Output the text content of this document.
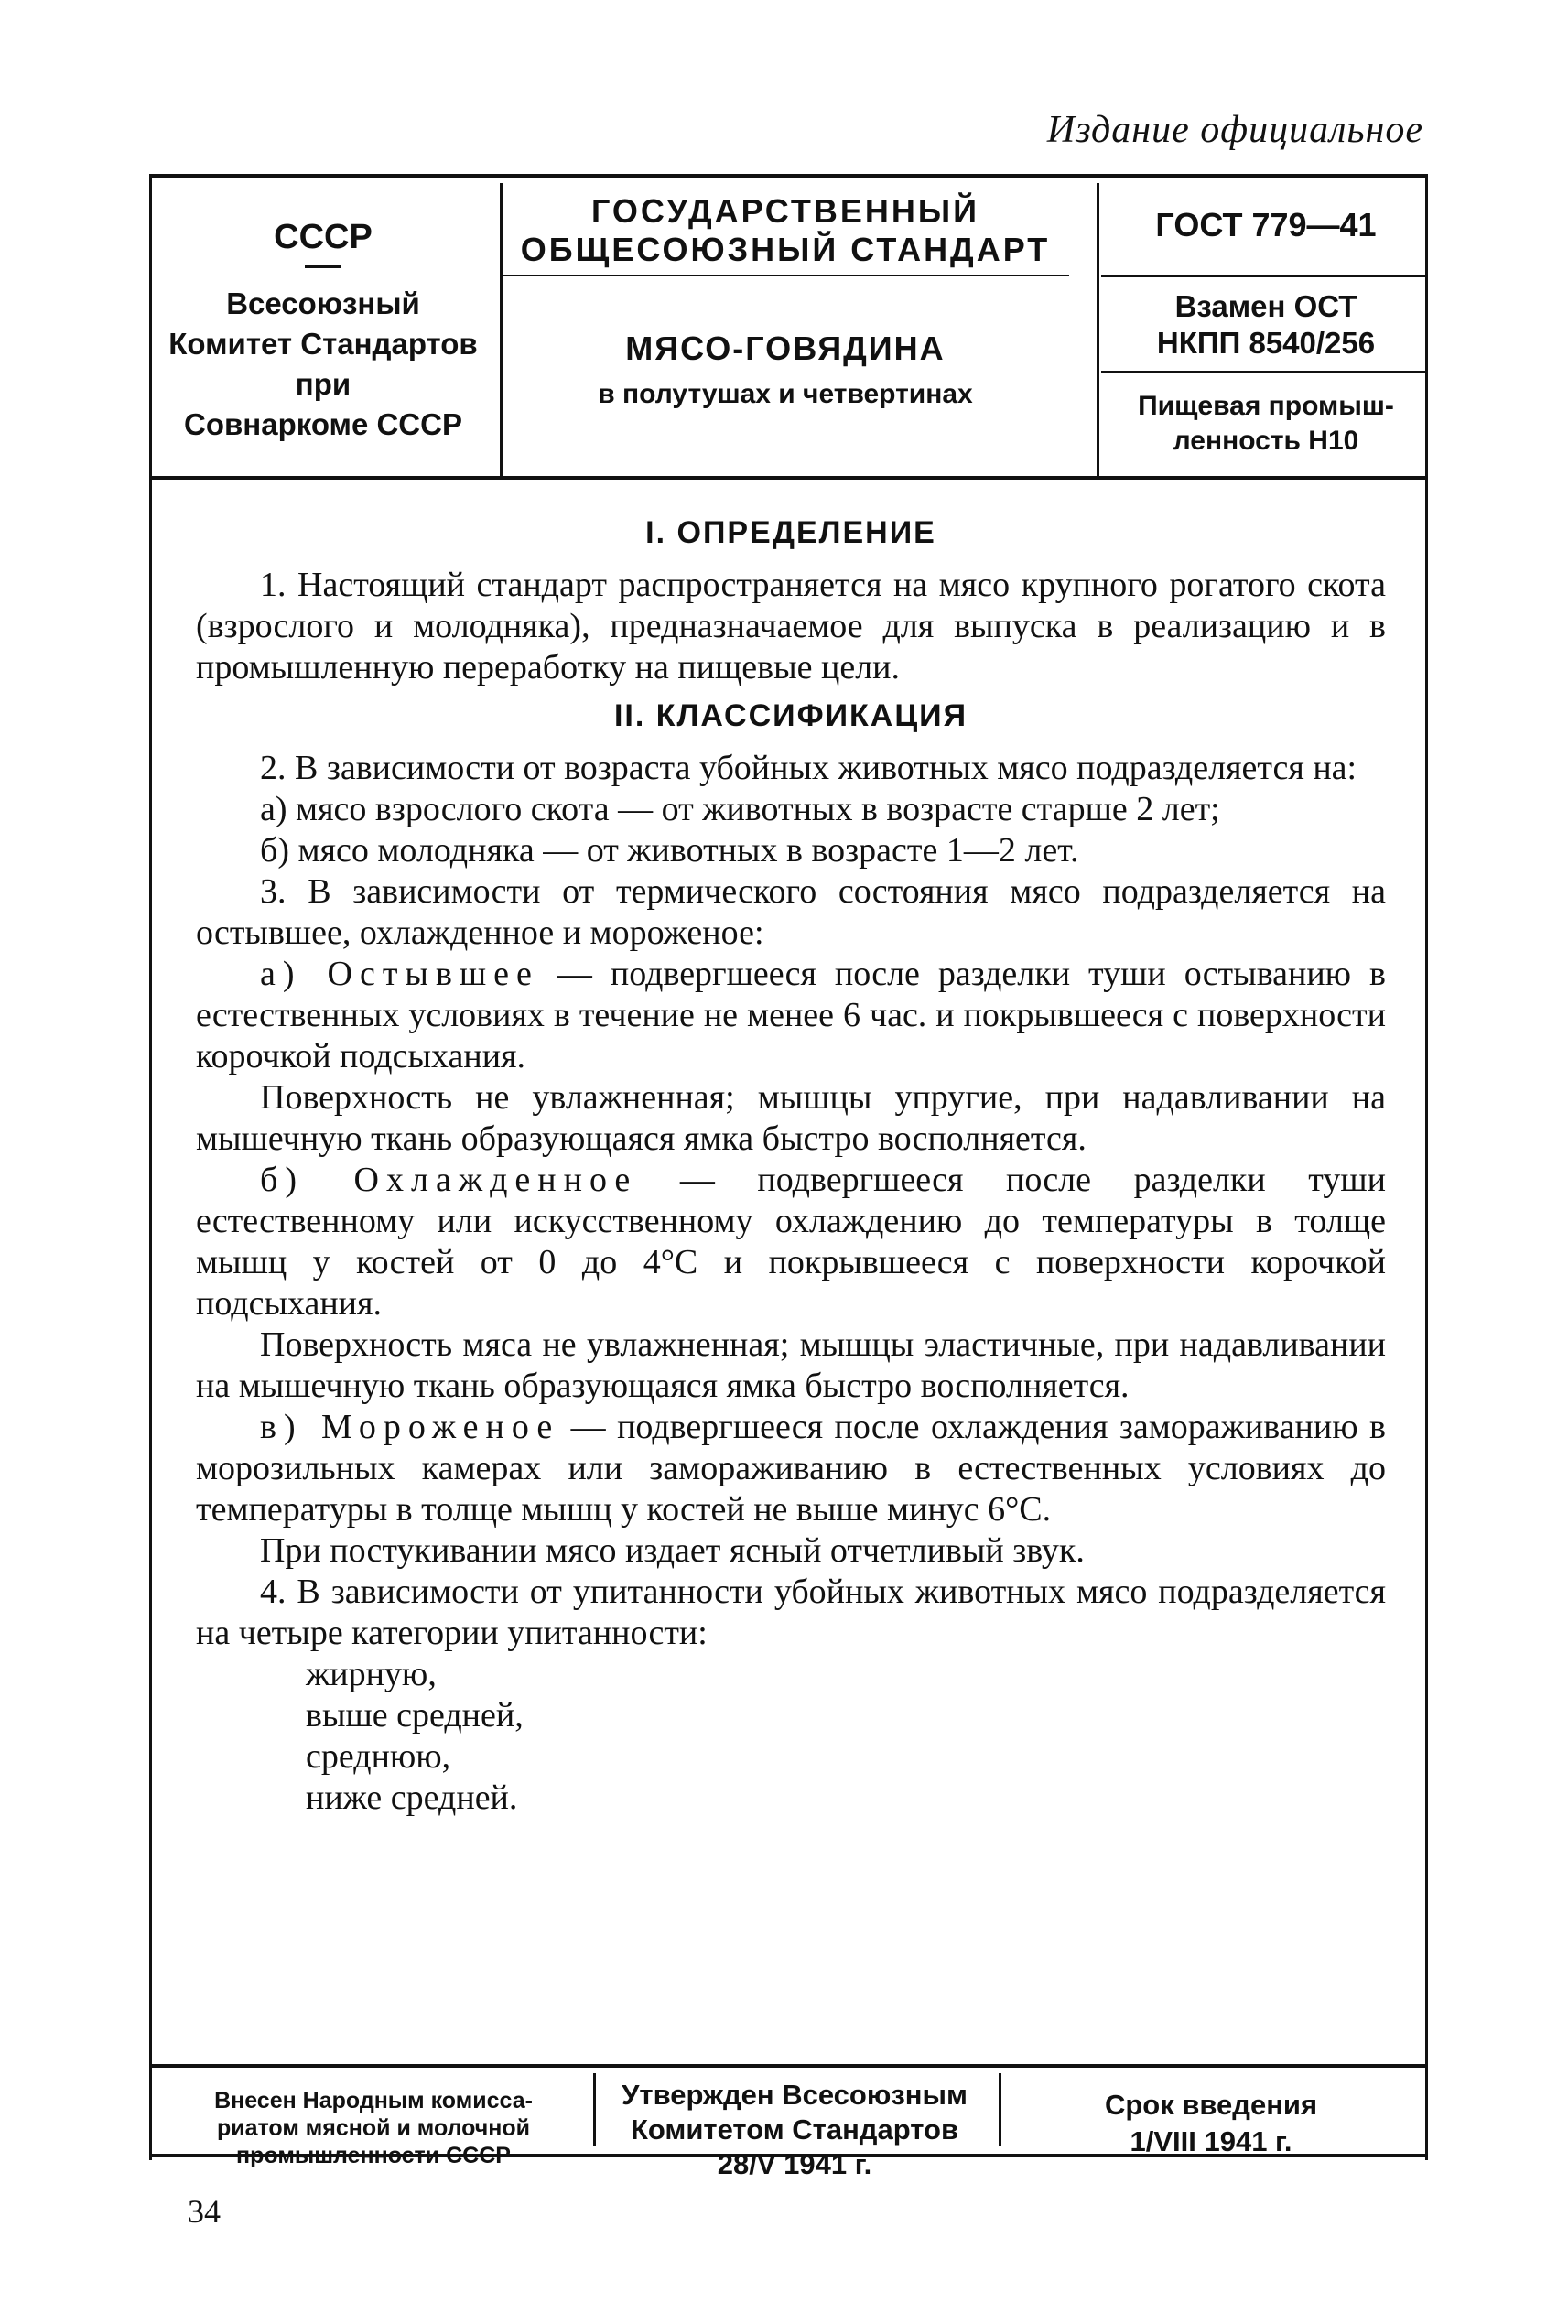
Издание официальное
СССР
Всесоюзный
Комитет Стандартов
при
Совнаркоме СССР
ГОСУДАРСТВЕННЫЙ
ОБЩЕСОЮЗНЫЙ СТАНДАРТ
МЯСО-ГОВЯДИНА
в полутушах и четвертинах
ГОСТ 779—41
Взамен ОСТ
НКПП 8540/256
Пищевая промыш-
ленность Н10
I. ОПРЕДЕЛЕНИЕ

1. Настоящий стандарт распространяется на мясо крупного рогатого скота (взрослого и молодняка), предназначаемое для выпуска в реализацию и в промышленную переработку на пищевые цели.

II. КЛАССИФИКАЦИЯ

2. В зависимости от возраста убойных животных мясо подразделяется на:

а) мясо взрослого скота — от животных в возрасте старше 2 лет;

б) мясо молодняка — от животных в возрасте 1—2 лет.

3. В зависимости от термического состояния мясо подразделяется на остывшее, охлажденное и мороженое:

а) Остывшее — подвергшееся после разделки туши остыванию в естественных условиях в течение не менее 6 час. и покрывшееся с поверхности корочкой подсыхания.

Поверхность не увлажненная; мышцы упругие, при надавливании на мышечную ткань образующаяся ямка быстро восполняется.

б) Охлажденное — подвергшееся после разделки туши естественному или искусственному охлаждению до температуры в толще мышц у костей от 0 до 4°С и покрывшееся с поверхности корочкой подсыхания.

Поверхность мяса не увлажненная; мышцы эластичные, при надавливании на мышечную ткань образующаяся ямка быстро восполняется.

в) Мороженое — подвергшееся после охлаждения замораживанию в морозильных камерах или замораживанию в естественных условиях до температуры в толще мышц у костей не выше минус 6°С.

При постукивании мясо издает ясный отчетливый звук.

4. В зависимости от упитанности убойных животных мясо подразделяется на четыре категории упитанности:

жирную,

выше средней,

среднюю,

ниже средней.

Внесен Народным комисса-
риатом мясной и молочной
промышленности СССР
Утвержден Всесоюзным
Комитетом Стандартов
28/V 1941 г.
Срок введения
1/VIII 1941 г.
34
